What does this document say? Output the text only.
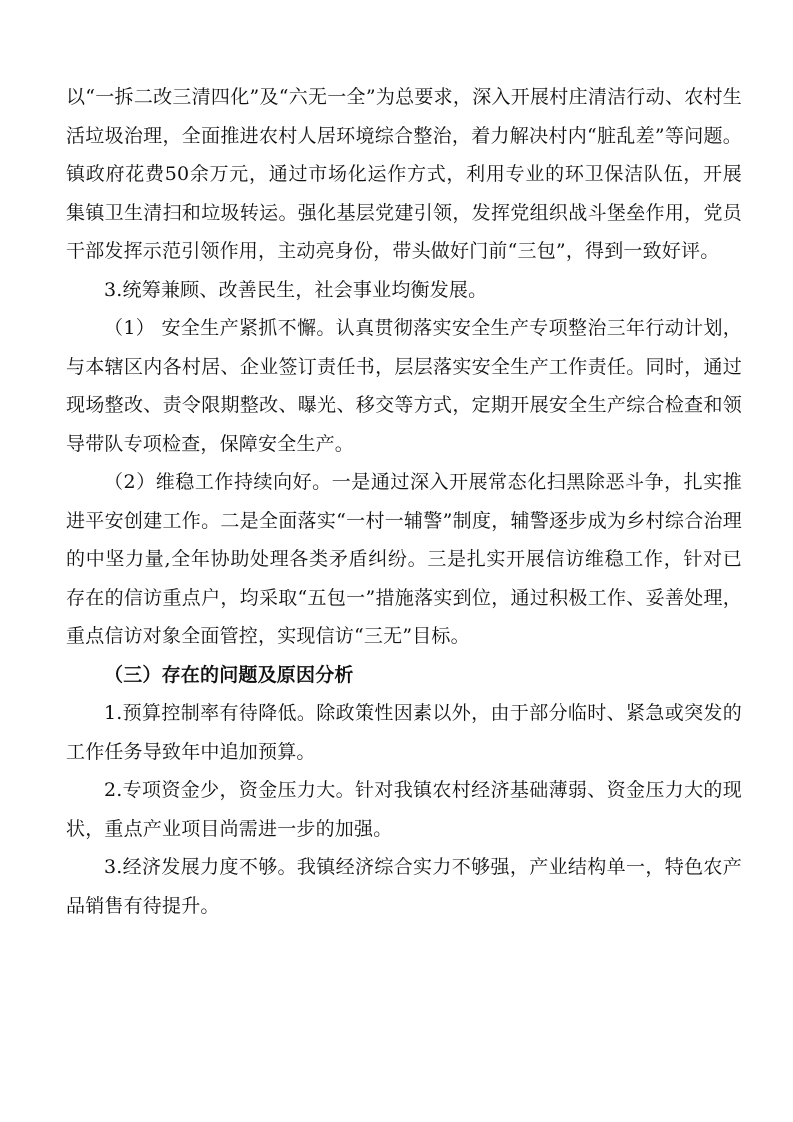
以“一拆二改三清四化”及“六无一全”为总要求，深入开展村庄清洁行动、农村生活垃圾治理，全面推进农村人居环境综合整治，着力解决村内“脏乱差”等问题。镇政府花费50余万元，通过市场化运作方式，利用专业的环卫保洁队伍，开展集镇卫生清扫和垃圾转运。强化基层党建引领，发挥党组织战斗堡垒作用，党员干部发挥示范引领作用，主动亮身份，带头做好门前“三包”，得到一致好评。

3.统筹兼顾、改善民生，社会事业均衡发展。

（1） 安全生产紧抓不懈。认真贯彻落实安全生产专项整治三年行动计划，与本辖区内各村居、企业签订责任书，层层落实安全生产工作责任。同时，通过现场整改、责令限期整改、曝光、移交等方式，定期开展安全生产综合检查和领导带队专项检查，保障安全生产。

（2）维稳工作持续向好。一是通过深入开展常态化扫黑除恶斗争，扎实推进平安创建工作。二是全面落实“一村一辅警”制度，辅警逐步成为乡村综合治理的中坚力量,全年协助处理各类矛盾纠纷。三是扎实开展信访维稳工作，针对已存在的信访重点户，均采取“五包一”措施落实到位，通过积极工作、妥善处理，重点信访对象全面管控，实现信访“三无”目标。

（三）存在的问题及原因分析

1.预算控制率有待降低。除政策性因素以外，由于部分临时、紧急或突发的工作任务导致年中追加预算。

2.专项资金少，资金压力大。针对我镇农村经济基础薄弱、资金压力大的现状，重点产业项目尚需进一步的加强。

3.经济发展力度不够。我镇经济综合实力不够强，产业结构单一，特色农产品销售有待提升。
